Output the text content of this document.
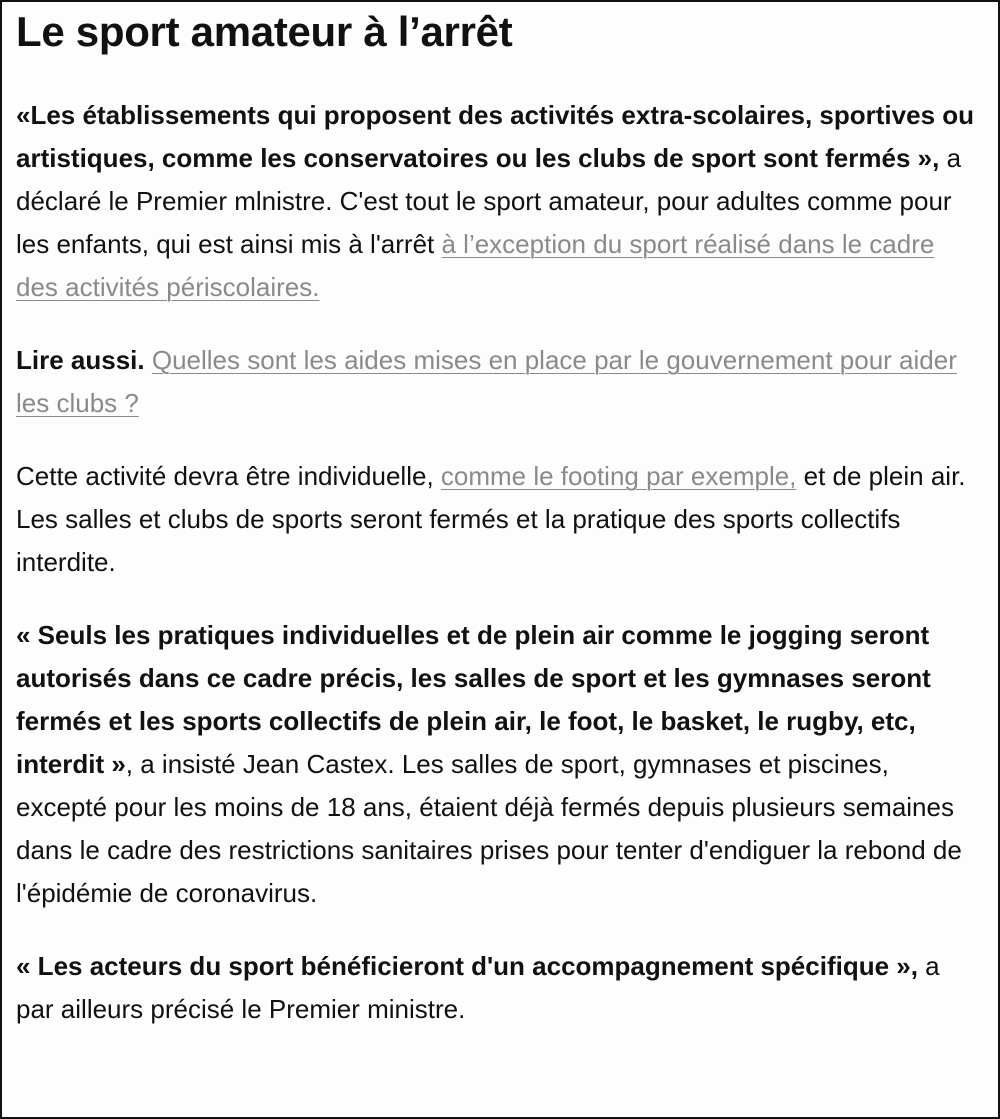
Le sport amateur à l’arrêt

«Les établissements qui proposent des activités extra-scolaires, sportives ou artistiques, comme les conservatoires ou les clubs de sport sont fermés », a déclaré le Premier mlnistre. C'est tout le sport amateur, pour adultes comme pour les enfants, qui est ainsi mis à l'arrêt à l’exception du sport réalisé dans le cadre des activités périscolaires.

Lire aussi. Quelles sont les aides mises en place par le gouvernement pour aider les clubs ?

Cette activité devra être individuelle, comme le footing par exemple, et de plein air. Les salles et clubs de sports seront fermés et la pratique des sports collectifs interdite.

« Seuls les pratiques individuelles et de plein air comme le jogging seront autorisés dans ce cadre précis, les salles de sport et les gymnases seront fermés et les sports collectifs de plein air, le foot, le basket, le rugby, etc, interdit », a insisté Jean Castex. Les salles de sport, gymnases et piscines, excepté pour les moins de 18 ans, étaient déjà fermés depuis plusieurs semaines dans le cadre des restrictions sanitaires prises pour tenter d'endiguer la rebond de l'épidémie de coronavirus.

« Les acteurs du sport bénéficieront d'un accompagnement spécifique », a par ailleurs précisé le Premier ministre.
